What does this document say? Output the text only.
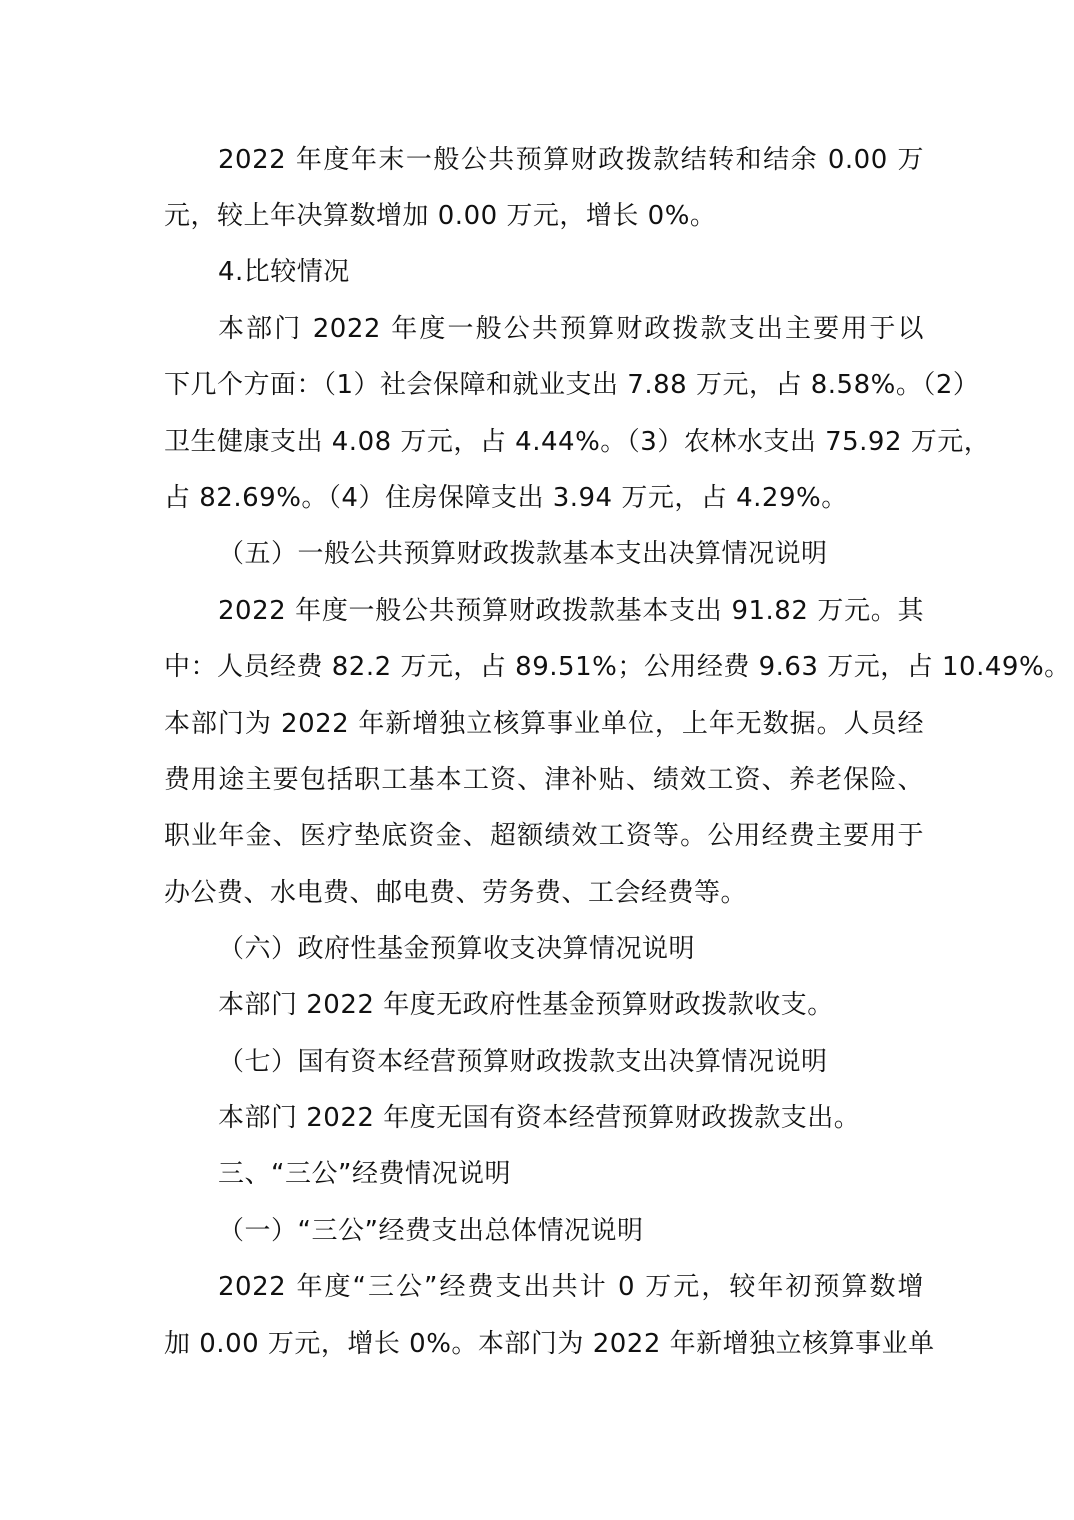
2022 年度年末一般公共预算财政拨款结转和结余 0.00 万
元，较上年决算数增加 0.00 万元，增长 0%。
4.比较情况
本部门 2022 年度一般公共预算财政拨款支出主要用于以
下几个方面：（1）社会保障和就业支出 7.88 万元，占 8.58%。（2）
卫生健康支出 4.08 万元，占 4.44%。（3）农林水支出 75.92 万元，
占 82.69%。（4）住房保障支出 3.94 万元，占 4.29%。
（五）一般公共预算财政拨款基本支出决算情况说明
2022 年度一般公共预算财政拨款基本支出 91.82 万元。其
中：人员经费 82.2 万元，占 89.51%；公用经费 9.63 万元，占 10.49%。
本部门为 2022 年新增独立核算事业单位，上年无数据。人员经
费用途主要包括职工基本工资、津补贴、绩效工资、养老保险、
职业年金、医疗垫底资金、超额绩效工资等。公用经费主要用于
办公费、水电费、邮电费、劳务费、工会经费等。
（六）政府性基金预算收支决算情况说明
本部门 2022 年度无政府性基金预算财政拨款收支。
（七）国有资本经营预算财政拨款支出决算情况说明
本部门 2022 年度无国有资本经营预算财政拨款支出。
三、“三公”经费情况说明
（一）“三公”经费支出总体情况说明
2022 年度“三公”经费支出共计 0 万元，较年初预算数增
加 0.00 万元，增长 0%。本部门为 2022 年新增独立核算事业单
